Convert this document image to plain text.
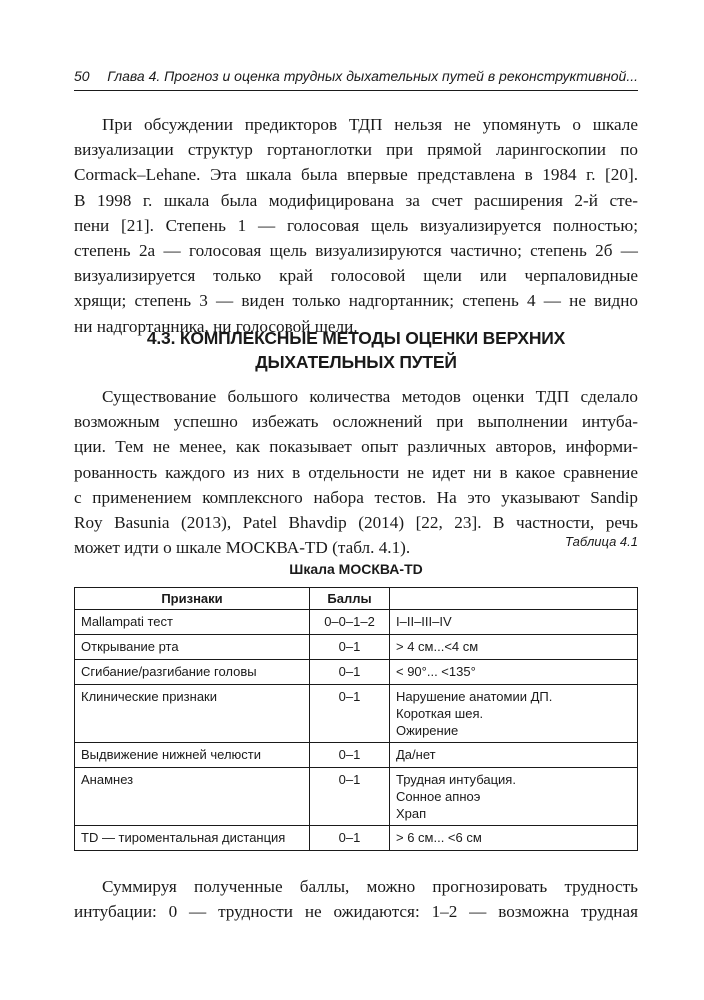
50 Глава 4. Прогноз и оценка трудных дыхательных путей в реконструктивной...
При обсуждении предикторов ТДП нельзя не упомянуть о шкале
визуализации структур гортаноглотки при прямой ларингоскопии по
Cormack–Lehane. Эта шкала была впервые представлена в 1984 г. [20].
В 1998 г. шкала была модифицирована за счет расширения 2-й сте-
пени [21]. Степень 1 — голосовая щель визуализируется полностью;
степень 2а — голосовая щель визуализируются частично; степень 2б —
визуализируется только край голосовой щели или черпаловидные
хрящи; степень 3 — виден только надгортанник; степень 4 — не видно
ни надгортанника, ни голосовой щели.
4.3. КОМПЛЕКСНЫЕ МЕТОДЫ ОЦЕНКИ ВЕРХНИХ
ДЫХАТЕЛЬНЫХ ПУТЕЙ
Существование большого количества методов оценки ТДП сделало
возможным успешно избежать осложнений при выполнении интуба-
ции. Тем не менее, как показывает опыт различных авторов, информи-
рованность каждого из них в отдельности не идет ни в какое сравнение
с применением комплексного набора тестов. На это указывают Sandip
Roy Basunia (2013), Patel Bhavdip (2014) [22, 23]. В частности, речь
может идти о шкале МОСКВА-TD (табл. 4.1).	Таблица 4.1
Шкала МОСКВА-TD
Признаки	Баллы	
Mallampati тест	0–0–1–2	I–II–III–IV
Открывание рта	0–1	> 4 см...<4 см
Сгибание/разгибание головы	0–1	< 90°... <135°
Клинические признаки	0–1	Нарушение анатомии ДП.
Короткая шея.
Ожирение

Выдвижение нижней челюсти	0–1	Да/нет
Анамнез	0–1	Трудная интубация.
Сонное апноэ
Храп

TD — тироментальная дистанция	0–1	> 6 см... <6 см
Суммируя полученные баллы, можно прогнозировать трудность
интубации: 0 — трудности не ожидаются: 1–2 — возможна трудная
